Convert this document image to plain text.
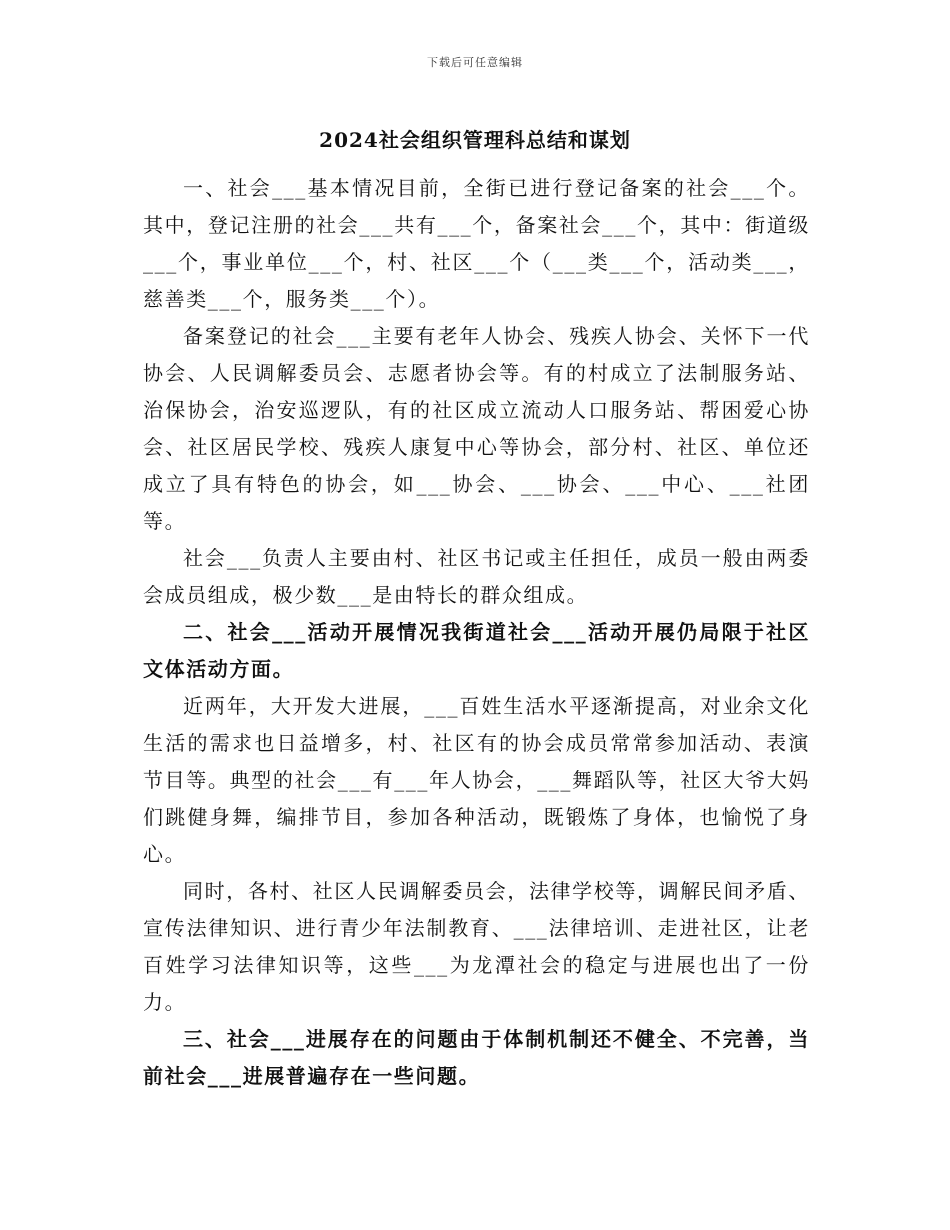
下载后可任意编辑
2024社会组织管理科总结和谋划

一、社会___基本情况目前，全街已进行登记备案的社会___个。其中，登记注册的社会___共有___个，备案社会___个，其中：街道级___个，事业单位___个，村、社区___个（___类___个，活动类___，慈善类___个，服务类___个）。

备案登记的社会___主要有老年人协会、残疾人协会、关怀下一代协会、人民调解委员会、志愿者协会等。有的村成立了法制服务站、治保协会，治安巡逻队，有的社区成立流动人口服务站、帮困爱心协会、社区居民学校、残疾人康复中心等协会，部分村、社区、单位还成立了具有特色的协会，如___协会、___协会、___中心、___社团等。

社会___负责人主要由村、社区书记或主任担任，成员一般由两委会成员组成，极少数___是由特长的群众组成。

二、社会___活动开展情况我街道社会___活动开展仍局限于社区文体活动方面。

近两年，大开发大进展，___百姓生活水平逐渐提高，对业余文化生活的需求也日益增多，村、社区有的协会成员常常参加活动、表演节目等。典型的社会___有___年人协会，___舞蹈队等，社区大爷大妈们跳健身舞，编排节目，参加各种活动，既锻炼了身体，也愉悦了身心。

同时，各村、社区人民调解委员会，法律学校等，调解民间矛盾、宣传法律知识、进行青少年法制教育、___法律培训、走进社区，让老百姓学习法律知识等，这些___为龙潭社会的稳定与进展也出了一份力。

三、社会___进展存在的问题由于体制机制还不健全、不完善，当前社会___进展普遍存在一些问题。
